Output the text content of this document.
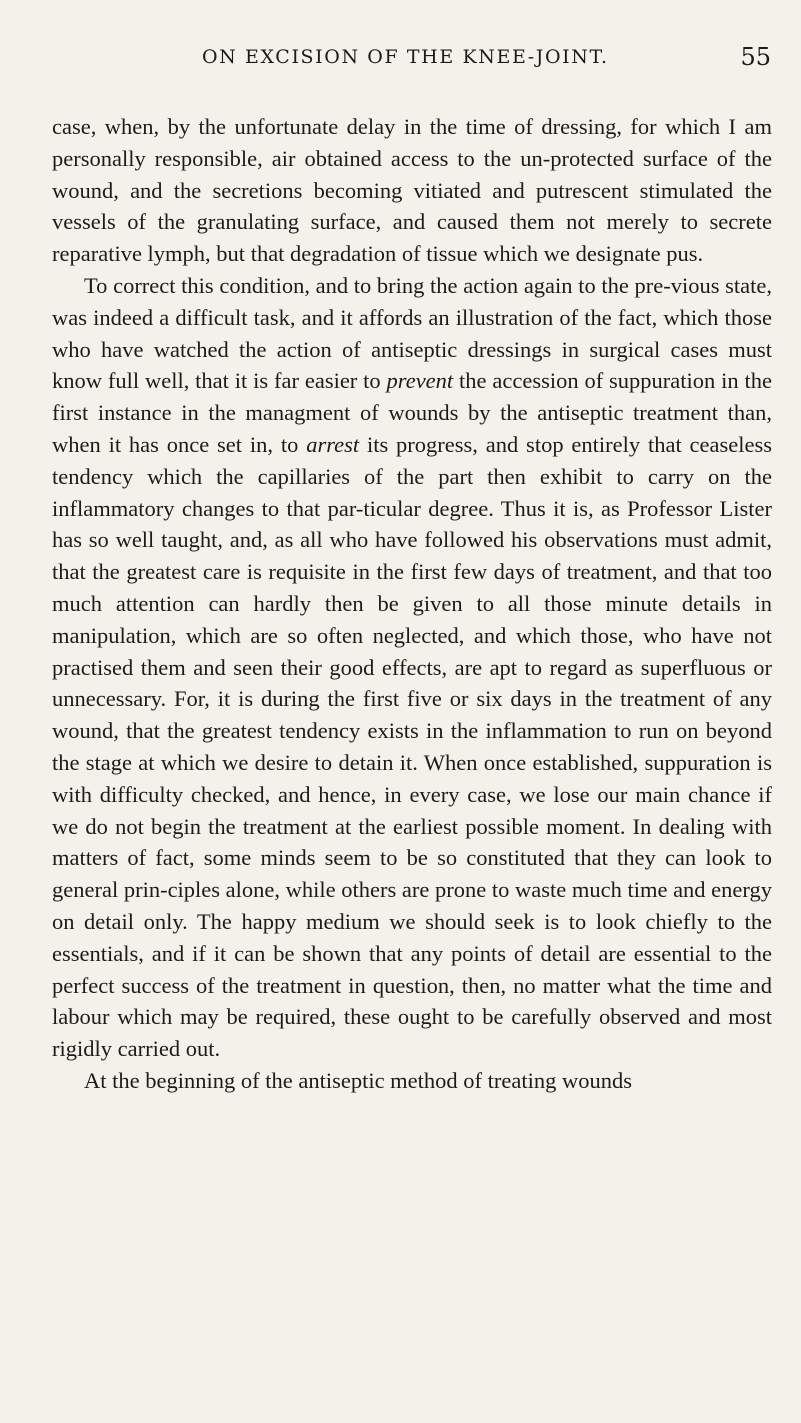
ON EXCISION OF THE KNEE-JOINT.	55

case, when, by the unfortunate delay in the time of dressing, for which I am personally responsible, air obtained access to the un-protected surface of the wound, and the secretions becoming vitiated and putrescent stimulated the vessels of the granulating surface, and caused them not merely to secrete reparative lymph, but that degradation of tissue which we designate pus.

To correct this condition, and to bring the action again to the pre-vious state, was indeed a difficult task, and it affords an illustration of the fact, which those who have watched the action of antiseptic dressings in surgical cases must know full well, that it is far easier to prevent the accession of suppuration in the first instance in the managment of wounds by the antiseptic treatment than, when it has once set in, to arrest its progress, and stop entirely that ceaseless tendency which the capillaries of the part then exhibit to carry on the inflammatory changes to that par-ticular degree. Thus it is, as Professor Lister has so well taught, and, as all who have followed his observations must admit, that the greatest care is requisite in the first few days of treatment, and that too much attention can hardly then be given to all those minute details in manipulation, which are so often neglected, and which those, who have not practised them and seen their good effects, are apt to regard as superfluous or unnecessary. For, it is during the first five or six days in the treatment of any wound, that the greatest tendency exists in the inflammation to run on beyond the stage at which we desire to detain it. When once established, suppuration is with difficulty checked, and hence, in every case, we lose our main chance if we do not begin the treatment at the earliest possible moment. In dealing with matters of fact, some minds seem to be so constituted that they can look to general prin-ciples alone, while others are prone to waste much time and energy on detail only. The happy medium we should seek is to look chiefly to the essentials, and if it can be shown that any points of detail are essential to the perfect success of the treatment in question, then, no matter what the time and labour which may be required, these ought to be carefully observed and most rigidly carried out.

At the beginning of the antiseptic method of treating wounds
